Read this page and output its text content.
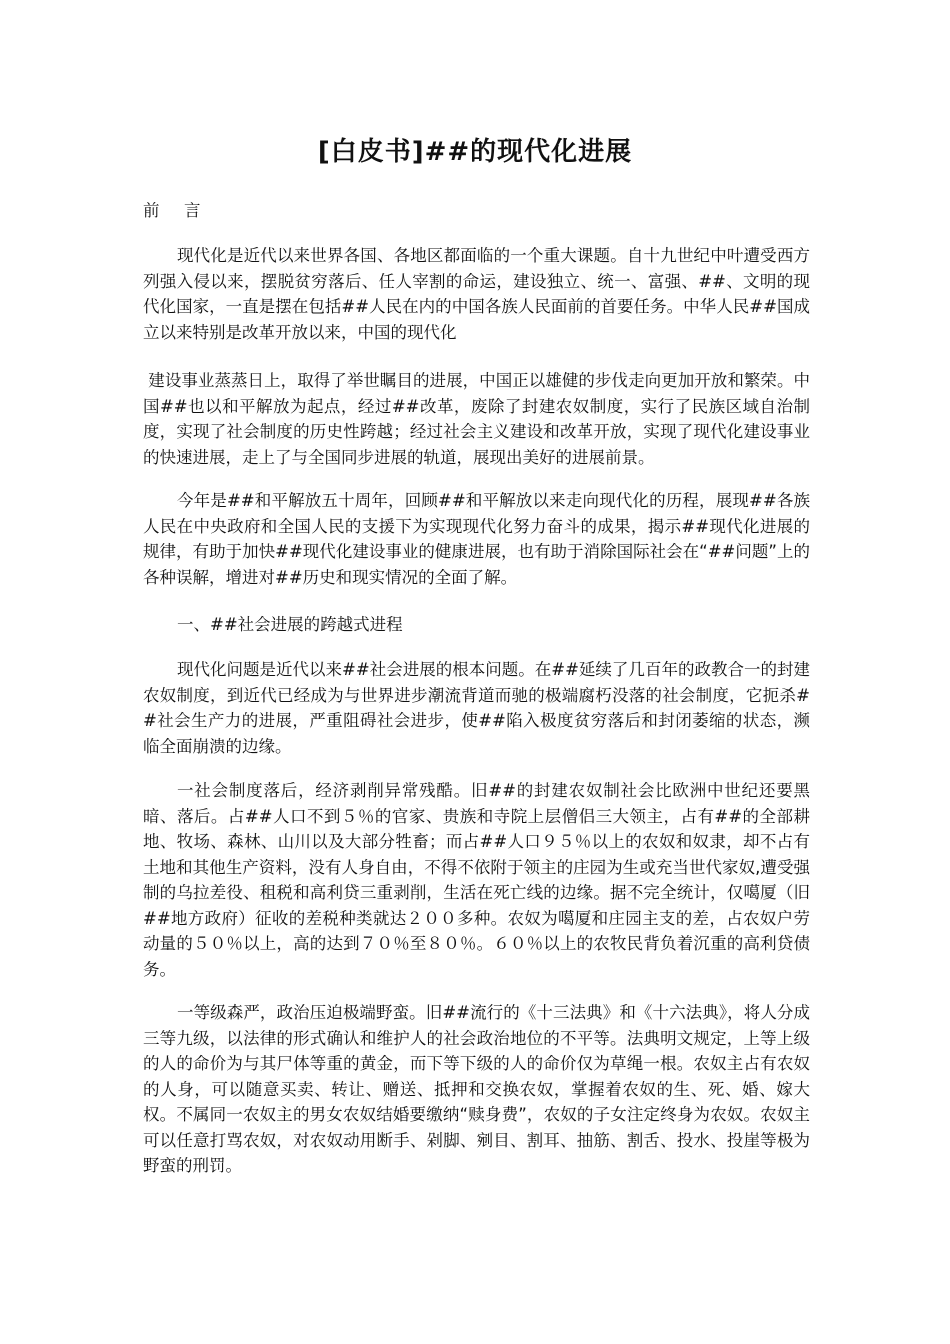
[白皮书]##的现代化进展

前　言

现代化是近代以来世界各国、各地区都面临的一个重大课题。自十九世纪中叶遭受西方列强入侵以来，摆脱贫穷落后、任人宰割的命运，建设独立、统一、富强、##、文明的现代化国家，一直是摆在包括##人民在内的中国各族人民面前的首要任务。中华人民##国成立以来特别是改革开放以来，中国的现代化

建设事业蒸蒸日上，取得了举世瞩目的进展，中国正以雄健的步伐走向更加开放和繁荣。中国##也以和平解放为起点，经过##改革，废除了封建农奴制度，实行了民族区域自治制度，实现了社会制度的历史性跨越；经过社会主义建设和改革开放，实现了现代化建设事业的快速进展，走上了与全国同步进展的轨道，展现出美好的进展前景。

今年是##和平解放五十周年，回顾##和平解放以来走向现代化的历程，展现##各族人民在中央政府和全国人民的支援下为实现现代化努力奋斗的成果，揭示##现代化进展的规律，有助于加快##现代化建设事业的健康进展，也有助于消除国际社会在“##问题”上的各种误解，增进对##历史和现实情况的全面了解。

一、##社会进展的跨越式进程

现代化问题是近代以来##社会进展的根本问题。在##延续了几百年的政教合一的封建农奴制度，到近代已经成为与世界进步潮流背道而驰的极端腐朽没落的社会制度，它扼杀##社会生产力的进展，严重阻碍社会进步，使##陷入极度贫穷落后和封闭萎缩的状态，濒临全面崩溃的边缘。

一社会制度落后，经济剥削异常残酷。旧##的封建农奴制社会比欧洲中世纪还要黑暗、落后。占##人口不到５％的官家、贵族和寺院上层僧侣三大领主，占有##的全部耕地、牧场、森林、山川以及大部分牲畜；而占##人口９５％以上的农奴和奴隶，却不占有土地和其他生产资料，没有人身自由，不得不依附于领主的庄园为生或充当世代家奴,遭受强制的乌拉差役、租税和高利贷三重剥削，生活在死亡线的边缘。据不完全统计，仅噶厦（旧##地方政府）征收的差税种类就达２００多种。农奴为噶厦和庄园主支的差，占农奴户劳动量的５０％以上，高的达到７０％至８０％。６０％以上的农牧民背负着沉重的高利贷债务。

一等级森严，政治压迫极端野蛮。旧##流行的《十三法典》和《十六法典》，将人分成三等九级，以法律的形式确认和维护人的社会政治地位的不平等。法典明文规定，上等上级的人的命价为与其尸体等重的黄金，而下等下级的人的命价仅为草绳一根。农奴主占有农奴的人身，可以随意买卖、转让、赠送、抵押和交换农奴，掌握着农奴的生、死、婚、嫁大权。不属同一农奴主的男女农奴结婚要缴纳“赎身费”，农奴的子女注定终身为农奴。农奴主可以任意打骂农奴，对农奴动用断手、剁脚、剜目、割耳、抽筋、割舌、投水、投崖等极为野蛮的刑罚。
